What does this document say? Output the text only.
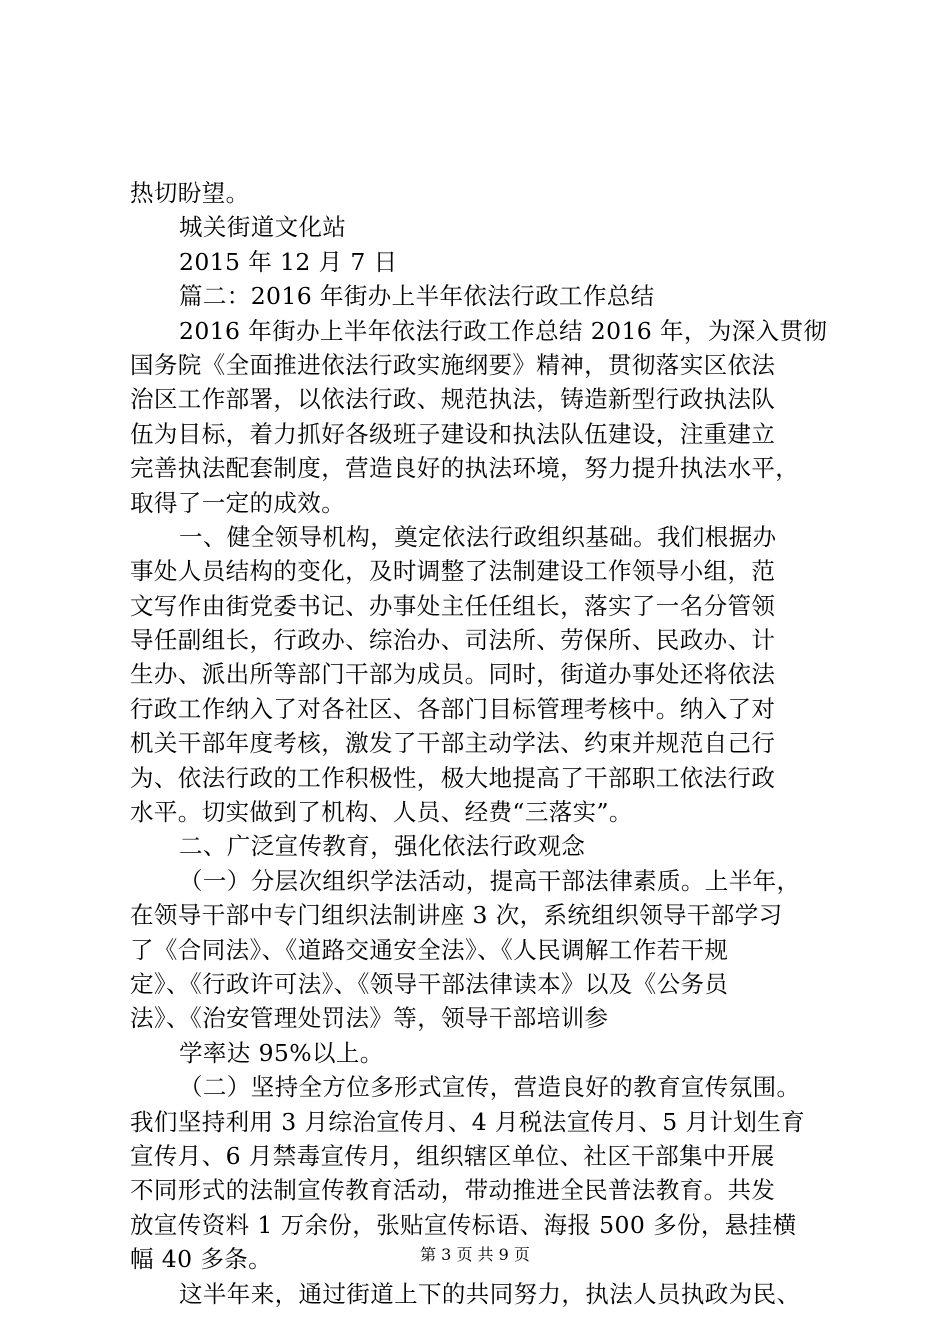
热切盼望。
城关街道文化站
2015 年 12 月 7 日
篇二：2016 年街办上半年依法行政工作总结
2016 年街办上半年依法行政工作总结 2016 年，为深入贯彻
国务院《全面推进依法行政实施纲要》精神，贯彻落实区依法
治区工作部署，以依法行政、规范执法，铸造新型行政执法队
伍为目标，着力抓好各级班子建设和执法队伍建设，注重建立
完善执法配套制度，营造良好的执法环境，努力提升执法水平，
取得了一定的成效。
一、健全领导机构，奠定依法行政组织基础。我们根据办
事处人员结构的变化，及时调整了法制建设工作领导小组，范
文写作由街党委书记、办事处主任任组长，落实了一名分管领
导任副组长，行政办、综治办、司法所、劳保所、民政办、计
生办、派出所等部门干部为成员。同时，街道办事处还将依法
行政工作纳入了对各社区、各部门目标管理考核中。纳入了对
机关干部年度考核，激发了干部主动学法、约束并规范自己行
为、依法行政的工作积极性，极大地提高了干部职工依法行政
水平。切实做到了机构、人员、经费“三落实”。
二、广泛宣传教育，强化依法行政观念
（一）分层次组织学法活动，提高干部法律素质。上半年，
在领导干部中专门组织法制讲座 3 次，系统组织领导干部学习
了《合同法》、《道路交通安全法》、《人民调解工作若干规
定》、《行政许可法》、《领导干部法律读本》以及《公务员
法》、《治安管理处罚法》等，领导干部培训参
学率达 95%以上。
（二）坚持全方位多形式宣传，营造良好的教育宣传氛围。
我们坚持利用 3 月综治宣传月、4 月税法宣传月、5 月计划生育
宣传月、6 月禁毒宣传月，组织辖区单位、社区干部集中开展
不同形式的法制宣传教育活动，带动推进全民普法教育。共发
放宣传资料 1 万余份，张贴宣传标语、海报 500 多份，悬挂横
幅 40 多条。
这半年来，通过街道上下的共同努力，执法人员执政为民、
第 3 页 共 9 页
